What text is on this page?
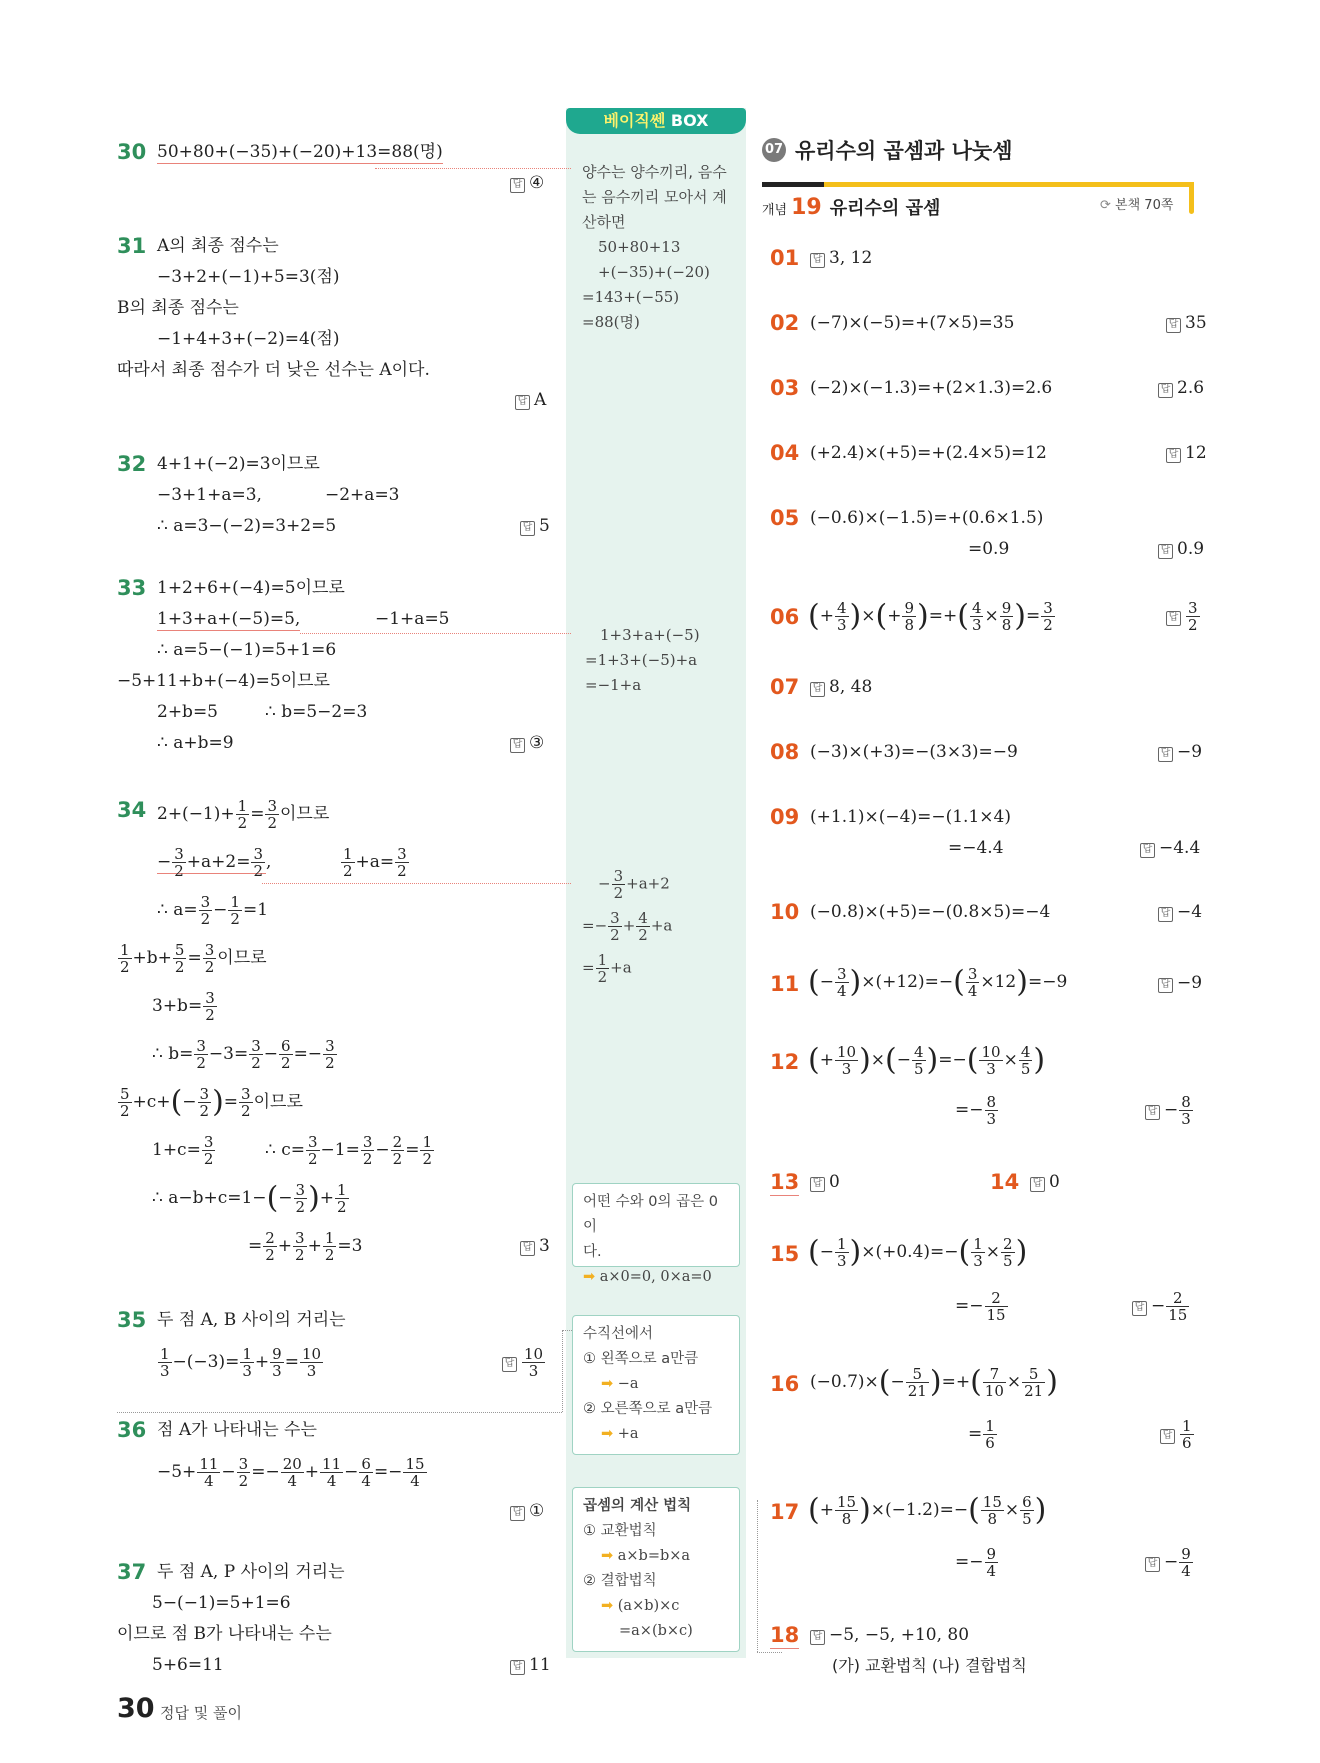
베이직쎈 BOX
양수는 양수끼리, 음수
는 음수끼리 모아서 계
산하면
50+80+13
+(−35)+(−20)
=143+(−55)
=88(명)
1+3+a+(−5)
=1+3+(−5)+a
=−1+a
− $\frac{3}{2} +a+2$
=− $\frac{3}{2} + \frac{4}{2} +a$
= $\frac{1}{2} +a$
어떤 수와 0의 곱은 0이
다.
➡ a×0=0, 0×a=0
수직선에서
① 왼쪽으로 a만큼
➡ −a
② 오른쪽으로 a만큼
➡ +a
곱셈의 계산 법칙
① 교환법칙
➡ a×b=b×a
② 결합법칙
➡ (a×b)×c
=a×(b×c)
30 50+80+(−35)+(−20)+13=88(명)
답 ④
31 A의 최종 점수는
−3+2+(−1)+5=3(점)
B의 최종 점수는
−1+4+3+(−2)=4(점)
따라서 최종 점수가 더 낮은 선수는 A이다.
답 A
32 4+1+(−2)=3이므로
−3+1+a=3,	−2+a=3
∴ a=3−(−2)=3+2=5	답 5
33 1+2+6+(−4)=5이므로
1+3+a+(−5)=5,	−1+a=5
∴ a=5−(−1)=5+1=6
−5+11+b+(−4)=5이므로
2+b=5	∴ b=5−2=3
∴ a+b=9	답 ③
34 $2+(-1)+ \frac{1}{2} = \frac{3}{2}$ 이므로
− $\frac{3}{2} +a+2= \frac{3}{2}$ ,	$\frac{1}{2} +a= \frac{3}{2}$
∴ $a= \frac{3}{2} - \frac{1}{2} =1$
$\frac{1}{2} +b+ \frac{5}{2} = \frac{3}{2}$ 이므로
$3+b= \frac{3}{2}$
∴ $b= \frac{3}{2} -3= \frac{3}{2} - \frac{6}{2} =- \frac{3}{2}$
$\frac{5}{2} +c+(- \frac{3}{2}$ )= $\frac{3}{2}$ 이므로
$1+c= \frac{3}{2}$	∴ $c= \frac{3}{2} -1= \frac{3}{2} - \frac{2}{2} = \frac{1}{2}$
∴ $a-b+c=1-(- \frac{3}{2}$ )+ $\frac{1}{2}$
= $\frac{2}{2} + \frac{3}{2} + \frac{1}{2} =3$	답 3
35 두 점 A, B 사이의 거리는
$\frac{1}{3} -(-3)= \frac{1}{3} + \frac{9}{3} = \frac{10}{3}$	답 $\frac{10}{3}$
36 점 A가 나타내는 수는
$-5+ \frac{11}{4} - \frac{3}{2} =- \frac{20}{4} + \frac{11}{4} - \frac{6}{4} =- \frac{15}{4}$
답 ①
37 두 점 A, P 사이의 거리는
5−(−1)=5+1=6
이므로 점 B가 나타내는 수는
5+6=11	답 11
07 유리수의 곱셈과 나눗셈
개념 19 유리수의 곱셈	⟳ 본책 70쪽
01 답 3, 12
02 (−7)×(−5)=+(7×5)=35	답 35
03 (−2)×(−1.3)=+(2×1.3)=2.6	답 2.6
04 (+2.4)×(+5)=+(2.4×5)=12	답 12
05 (−0.6)×(−1.5)=+(0.6×1.5)
=0.9	답 0.9
06 (+ $\frac{4}{3}$ )×(+ $\frac{9}{8}$ )=+( $\frac{4}{3} \times \frac{9}{8}$ )= $\frac{3}{2}$	답 $\frac{3}{2}$
07 답 8, 48
08 (−3)×(+3)=−(3×3)=−9	답 −9
09 (+1.1)×(−4)=−(1.1×4)
=−4.4	답 −4.4
10 (−0.8)×(+5)=−(0.8×5)=−4	답 −4
11 (− $\frac{3}{4} )\times(+12)=-( \frac{3}{4} \times 12)=-9$	답 −9
12 (+ $\frac{10}{3}$ )×(− $\frac{4}{5}$ )=−( $\frac{10}{3} \times \frac{4}{5}$ )
=− $\frac{8}{3}$	답 − $\frac{8}{3}$
13 답 0	14 답 0
15 (− $\frac{1}{3} )\times(+0.4)=-( \frac{1}{3} \times \frac{2}{5}$ )
=− $\frac{2}{15}$	답 − $\frac{2}{15}$
16 $(-0.7)\times(- \frac{5}{21}$ )=+( $\frac{7}{10} \times \frac{5}{21}$ )
= $\frac{1}{6}$	답 $\frac{1}{6}$
17 (+ $\frac{15}{8} )\times(-1.2)=-( \frac{15}{8} \times \frac{6}{5}$ )
=− $\frac{9}{4}$	답 − $\frac{9}{4}$
18 답 −5, −5, +10, 80
(가) 교환법칙 (나) 결합법칙
30 정답 및 풀이
